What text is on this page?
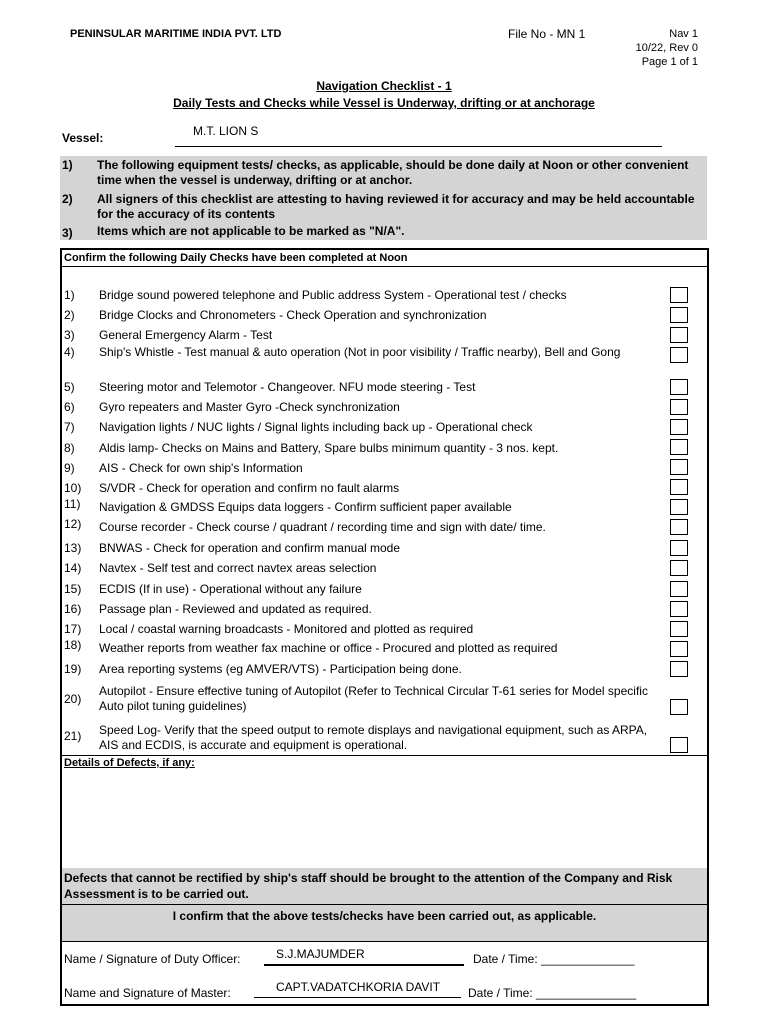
PENINSULAR MARITIME INDIA PVT. LTD	File No - MN 1	Nav 1
10/22, Rev 0
Page 1 of 1
Navigation Checklist - 1
Daily Tests and Checks while Vessel is Underway, drifting or at anchorage
Vessel:	M.T. LION S
1) The following equipment tests/ checks, as applicable, should be done daily at Noon or other convenient time when the vessel is underway, drifting or at anchor.
2) All signers of this checklist are attesting to having reviewed it for accuracy and may be held accountable for the accuracy of its contents
3) Items which are not applicable to be marked as "N/A".
Confirm the following Daily Checks have been completed at Noon
1) Bridge sound powered telephone and Public address System - Operational test / checks
2) Bridge Clocks and Chronometers - Check Operation and synchronization
3) General Emergency Alarm - Test
4) Ship's Whistle - Test manual & auto operation (Not in poor visibility / Traffic nearby), Bell and Gong
5) Steering motor and Telemotor - Changeover. NFU mode steering - Test
6) Gyro repeaters and Master Gyro -Check synchronization
7) Navigation lights / NUC lights / Signal lights including back up - Operational check
8) Aldis lamp- Checks on Mains and Battery, Spare bulbs minimum quantity - 3 nos. kept.
9) AIS - Check for own ship's Information
10) S/VDR - Check for operation and confirm no fault alarms
11) Navigation & GMDSS Equips data loggers - Confirm sufficient paper available
12) Course recorder - Check course / quadrant / recording time and sign with date/ time.
13) BNWAS - Check for operation and confirm manual mode
14) Navtex - Self test and correct navtex areas selection
15) ECDIS (If in use) - Operational without any failure
16) Passage plan - Reviewed and updated as required.
17) Local / coastal warning broadcasts - Monitored and plotted as required
18) Weather reports from weather fax machine or office - Procured and plotted as required
19) Area reporting systems (eg AMVER/VTS) - Participation being done.
20)
Autopilot - Ensure effective tuning of Autopilot (Refer to Technical Circular T-61 series for Model specific Auto pilot tuning guidelines)
21) Speed Log- Verify that the speed output to remote displays and navigational equipment, such as ARPA, AIS and ECDIS, is accurate and equipment is operational.
Details of Defects, if any:
Defects that cannot be rectified by ship's staff should be brought to the attention of the Company and Risk Assessment is to be carried out.
I confirm that the above tests/checks have been carried out, as applicable.
Name / Signature of Duty Officer:	S.J.MAJUMDER	Date / Time: ______________
Name and Signature of Master:	CAPT.VADATCHKORIA DAVIT Date / Time: _______________
